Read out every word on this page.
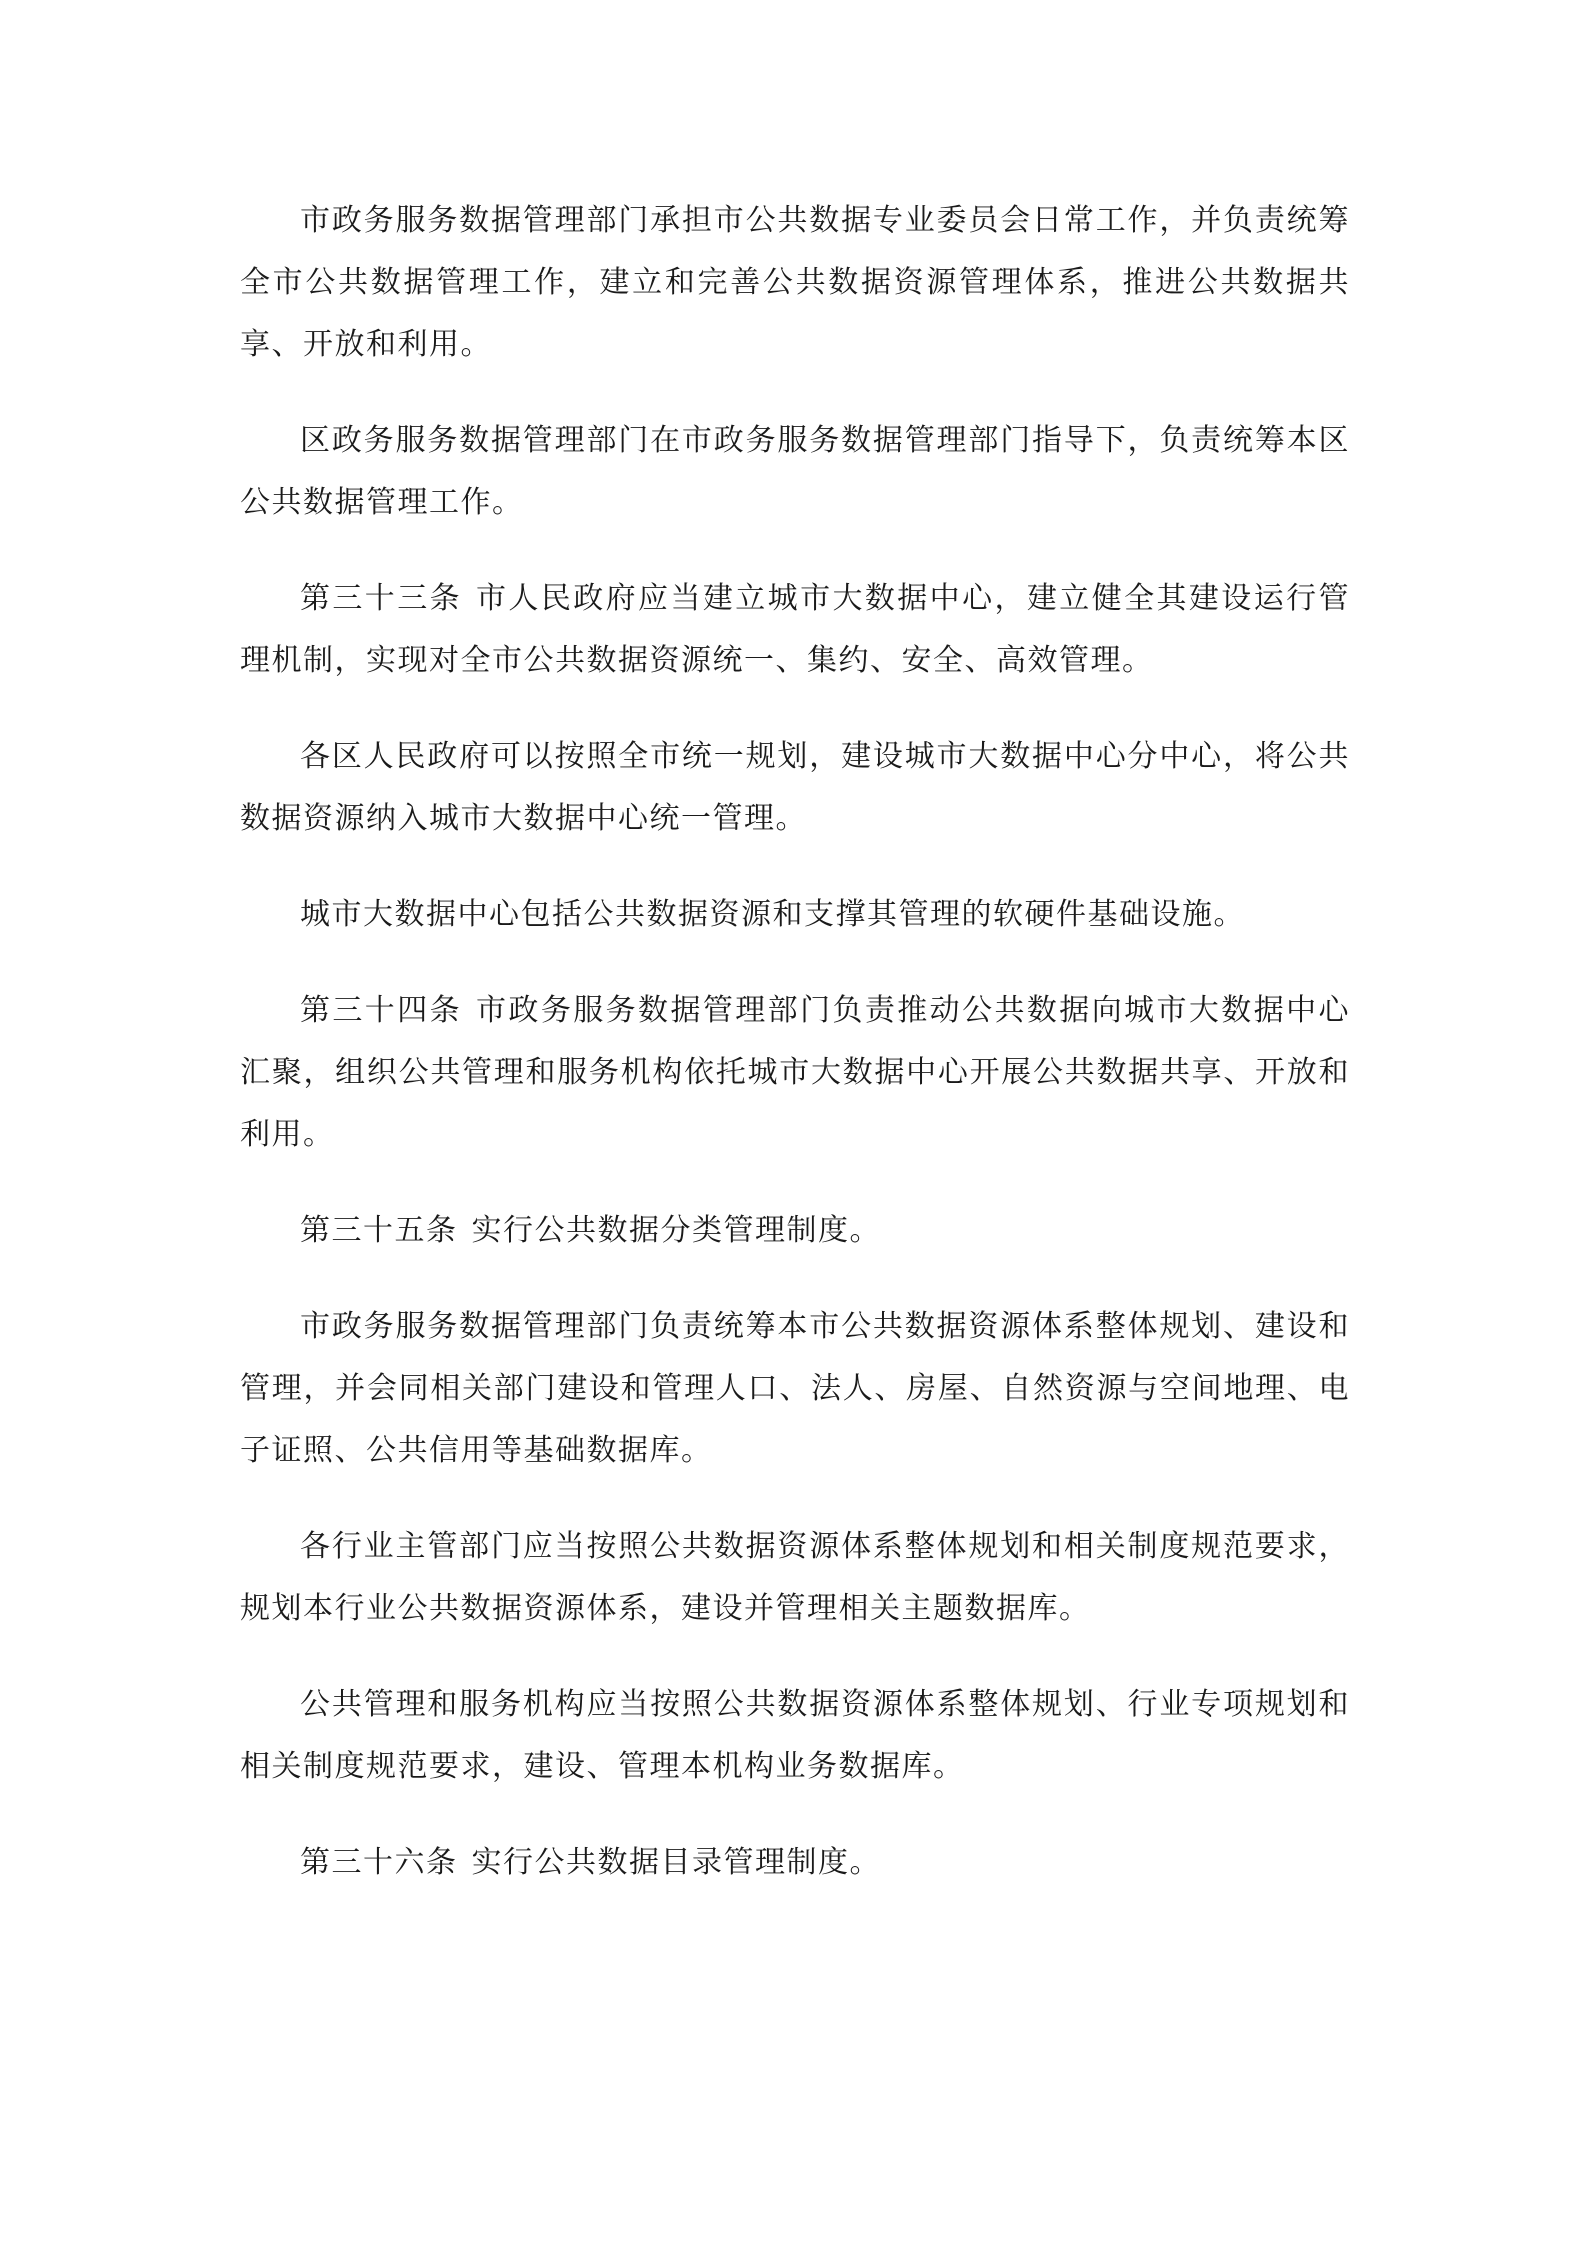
市政务服务数据管理部门承担市公共数据专业委员会日常工作，并负责统筹全市公共数据管理工作，建立和完善公共数据资源管理体系，推进公共数据共享、开放和利用。

区政务服务数据管理部门在市政务服务数据管理部门指导下，负责统筹本区公共数据管理工作。

第三十三条 市人民政府应当建立城市大数据中心，建立健全其建设运行管理机制，实现对全市公共数据资源统一、集约、安全、高效管理。

各区人民政府可以按照全市统一规划，建设城市大数据中心分中心，将公共数据资源纳入城市大数据中心统一管理。

城市大数据中心包括公共数据资源和支撑其管理的软硬件基础设施。

第三十四条 市政务服务数据管理部门负责推动公共数据向城市大数据中心汇聚，组织公共管理和服务机构依托城市大数据中心开展公共数据共享、开放和利用。

第三十五条 实行公共数据分类管理制度。

市政务服务数据管理部门负责统筹本市公共数据资源体系整体规划、建设和管理，并会同相关部门建设和管理人口、法人、房屋、自然资源与空间地理、电子证照、公共信用等基础数据库。

各行业主管部门应当按照公共数据资源体系整体规划和相关制度规范要求，规划本行业公共数据资源体系，建设并管理相关主题数据库。

公共管理和服务机构应当按照公共数据资源体系整体规划、行业专项规划和相关制度规范要求，建设、管理本机构业务数据库。

第三十六条 实行公共数据目录管理制度。
